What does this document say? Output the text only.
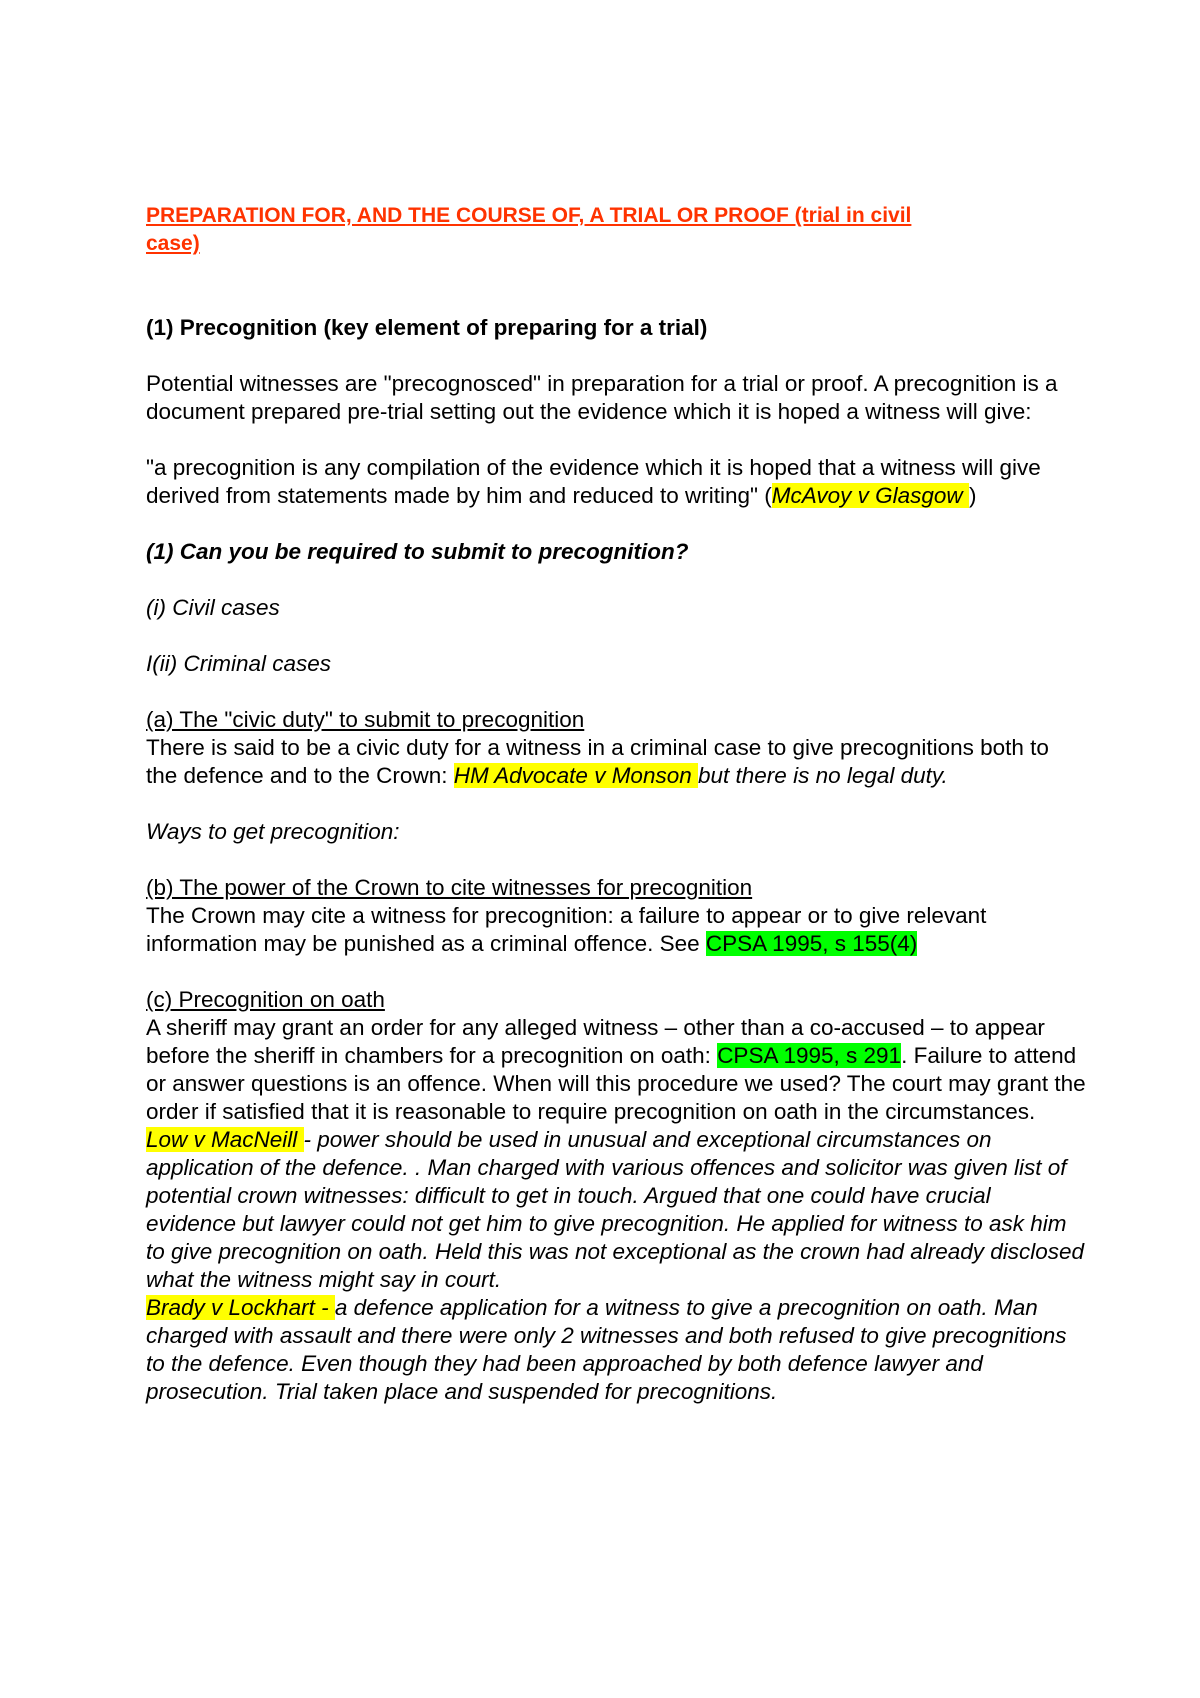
PREPARATION FOR, AND THE COURSE OF, A TRIAL OR PROOF (trial in civil
case)

(1) Precognition (key element of preparing for a trial)

Potential witnesses are "precognosced" in preparation for a trial or proof. A precognition is a document prepared pre-trial setting out the evidence which it is hoped a witness will give:

"a precognition is any compilation of the evidence which it is hoped that a witness will give derived from statements made by him and reduced to writing" (McAvoy v Glasgow )

(1) Can you be required to submit to precognition?

(i) Civil cases

I(ii) Criminal cases

(a) The "civic duty" to submit to precognition

There is said to be a civic duty for a witness in a criminal case to give precognitions both to the defence and to the Crown: HM Advocate v Monson but there is no legal duty.

Ways to get precognition:

(b) The power of the Crown to cite witnesses for precognition

The Crown may cite a witness for precognition: a failure to appear or to give relevant information may be punished as a criminal offence. See CPSA 1995, s 155(4)

(c) Precognition on oath

A sheriff may grant an order for any alleged witness – other than a co-accused – to appear before the sheriff in chambers for a precognition on oath: CPSA 1995, s 291. Failure to attend or answer questions is an offence. When will this procedure we used? The court may grant the order if satisfied that it is reasonable to require precognition on oath in the circumstances.

Low v MacNeill - power should be used in unusual and exceptional circumstances on application of the defence. . Man charged with various offences and solicitor was given list of potential crown witnesses: difficult to get in touch. Argued that one could have crucial evidence but lawyer could not get him to give precognition. He applied for witness to ask him to give precognition on oath. Held this was not exceptional as the crown had already disclosed what the witness might say in court.

Brady v Lockhart - a defence application for a witness to give a precognition on oath. Man charged with assault and there were only 2 witnesses and both refused to give precognitions to the defence. Even though they had been approached by both defence lawyer and prosecution. Trial taken place and suspended for precognitions.
